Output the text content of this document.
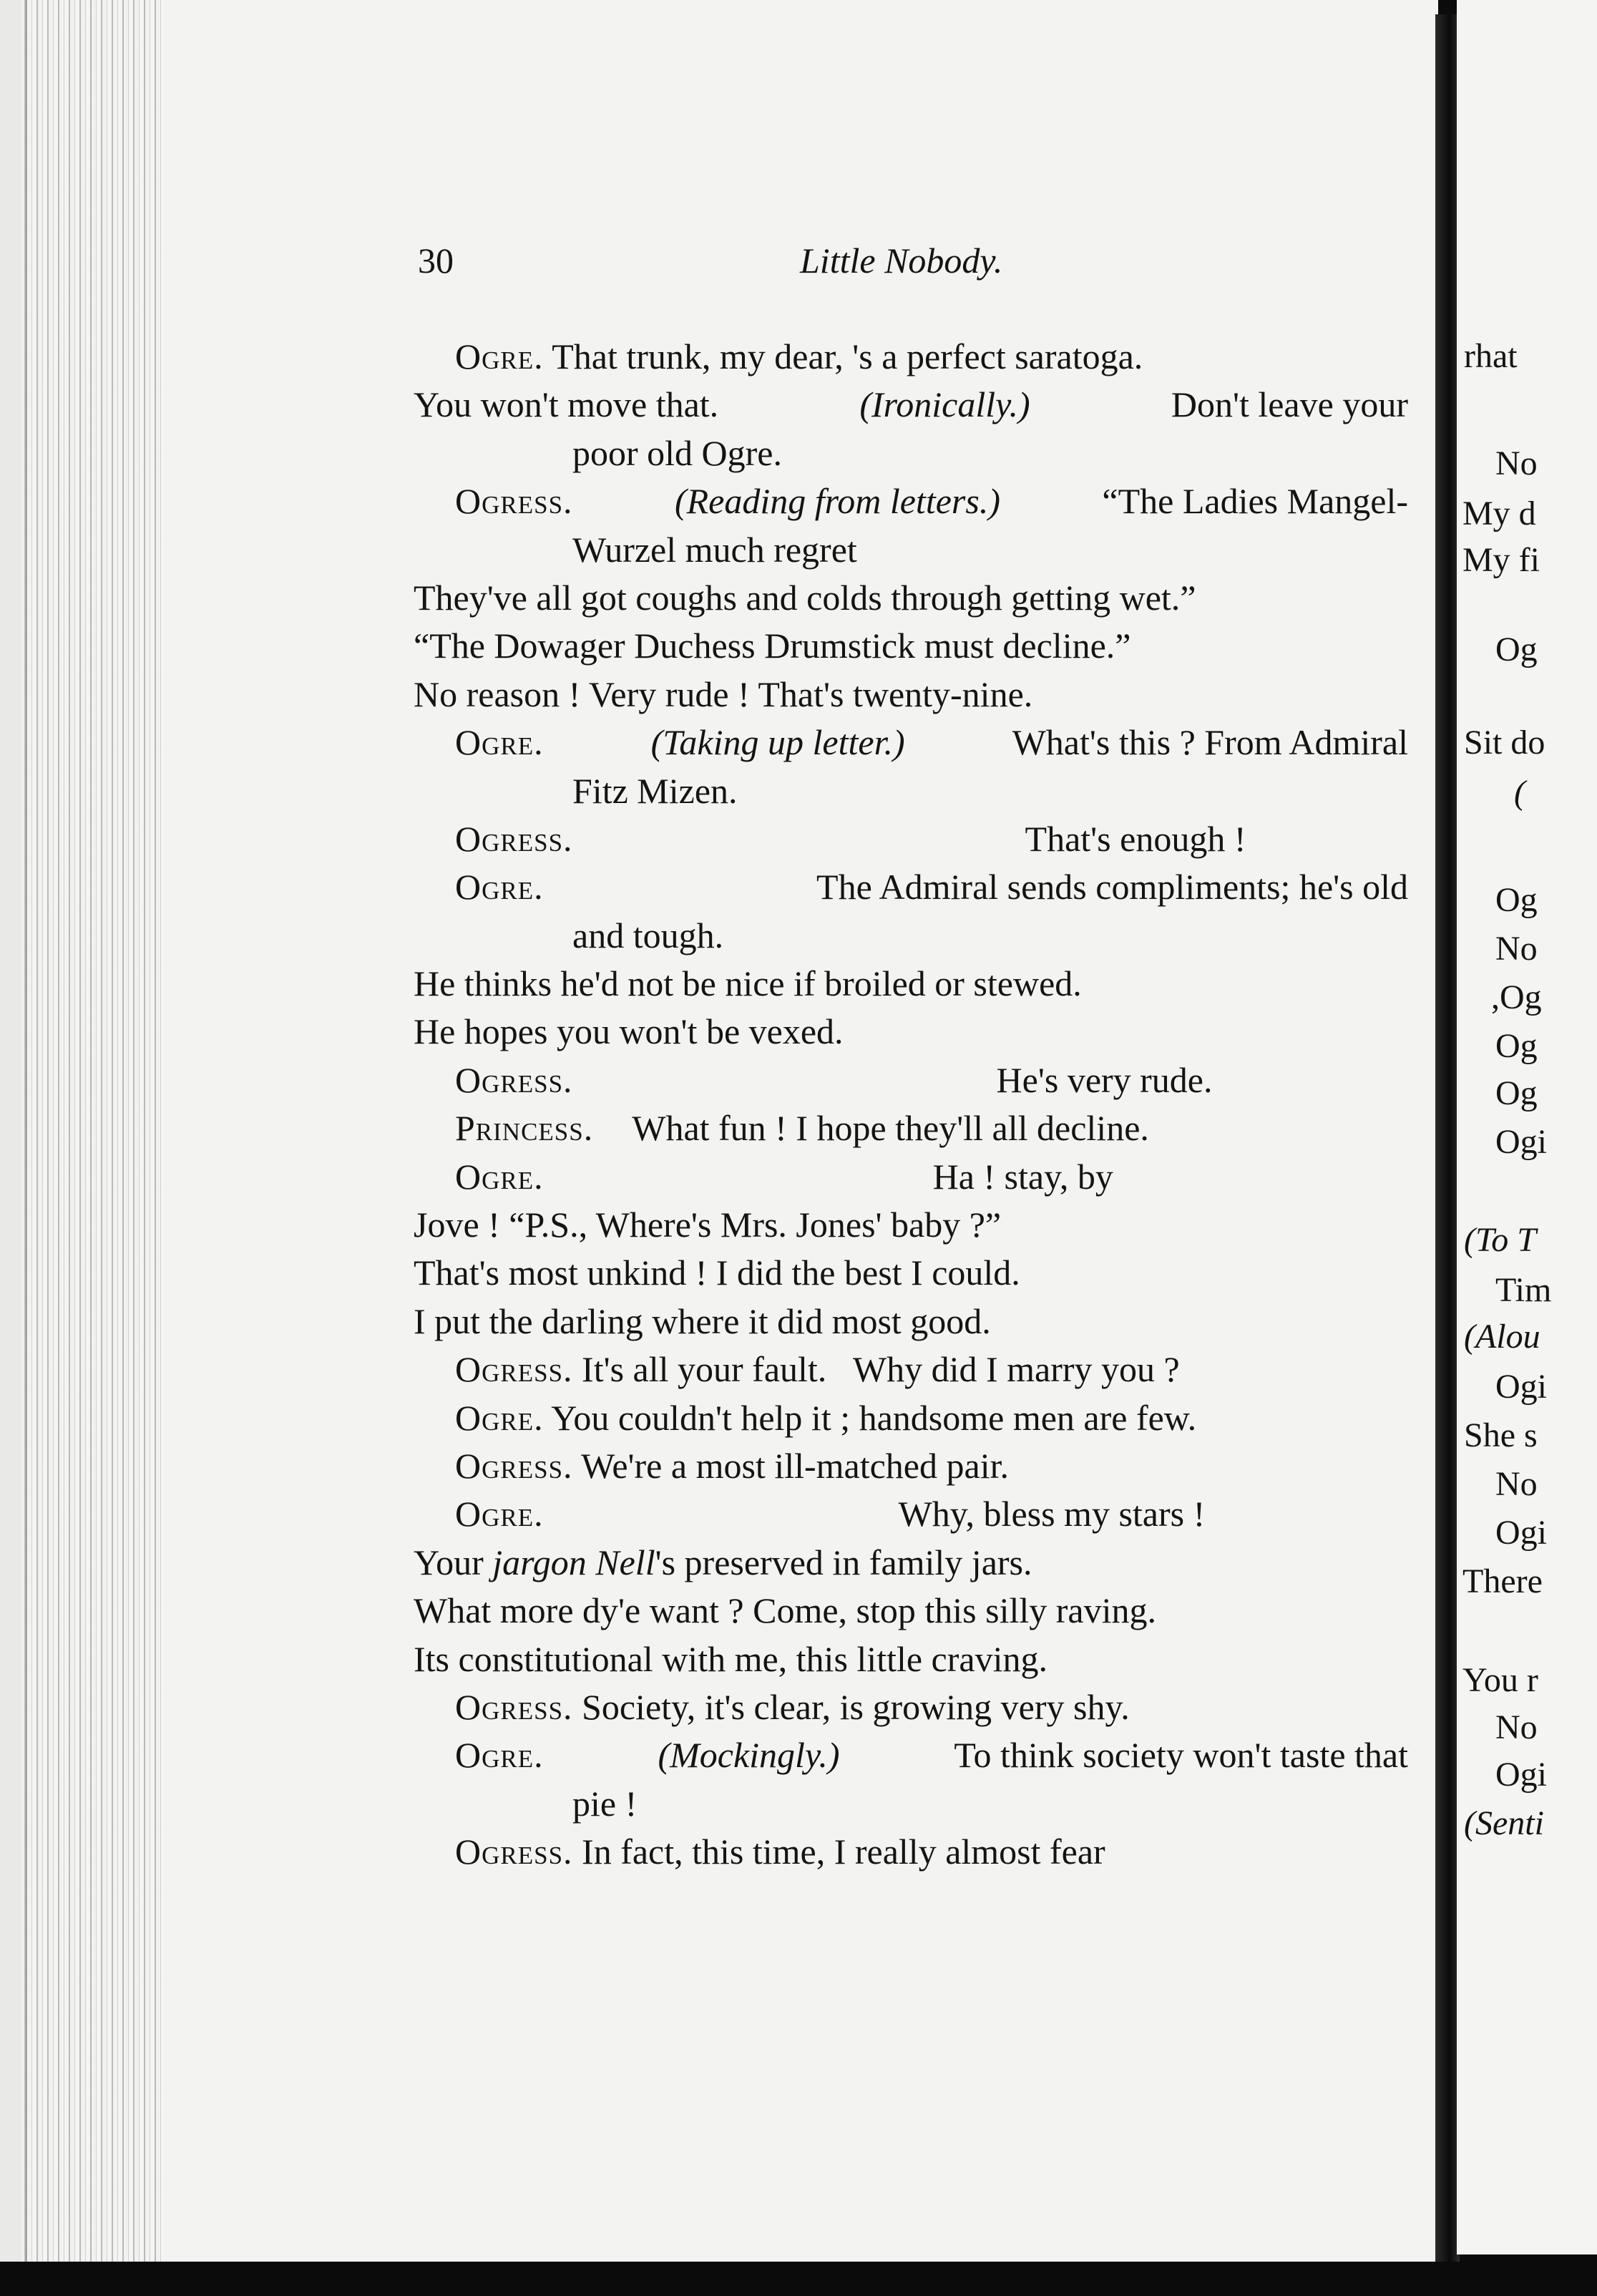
30	Little Nobody.
Ogre. That trunk, my dear, 's a perfect saratoga.
You won't move that.	(Ironically.)	Don't leave your
poor old Ogre.
Ogress.	(Reading from letters.)	“The Ladies Mangel-
Wurzel much regret
They've all got coughs and colds through getting wet.”
“The Dowager Duchess Drumstick must decline.”
No reason ! Very rude ! That's twenty-nine.
Ogre.	(Taking up letter.)	What's this ? From Admiral
Fitz Mizen.
Ogress.	That's enough !
Ogre.	The Admiral sends compliments; he's old
and tough.
He thinks he'd not be nice if broiled or stewed.
He hopes you won't be vexed.
Ogress.	He's very rude.
Princess. What fun ! I hope they'll all decline.
Ogre.	Ha ! stay, by
Jove ! “P.S., Where's Mrs. Jones' baby ?”
That's most unkind ! I did the best I could.
I put the darling where it did most good.
Ogress. It's all your fault.   Why did I marry you ?
Ogre. You couldn't help it ; handsome men are few.
Ogress. We're a most ill-matched pair.
Ogre.	Why, bless my stars !
Your jargon Nell's preserved in family jars.
What more dy'e want ? Come, stop this silly raving.
Its constitutional with me, this little craving.
Ogress. Society, it's clear, is growing very shy.
Ogre.	(Mockingly.)	To think society won't taste that
pie !
Ogress. In fact, this time, I really almost fear
rhat
No
My d
My fi
Og
Sit do
(
Og
No
,Og
Og
Og
Ogi
(To T
Tim
(Alou
Ogi
She s
No
Ogi
There
You r
No
Ogi
(Senti
